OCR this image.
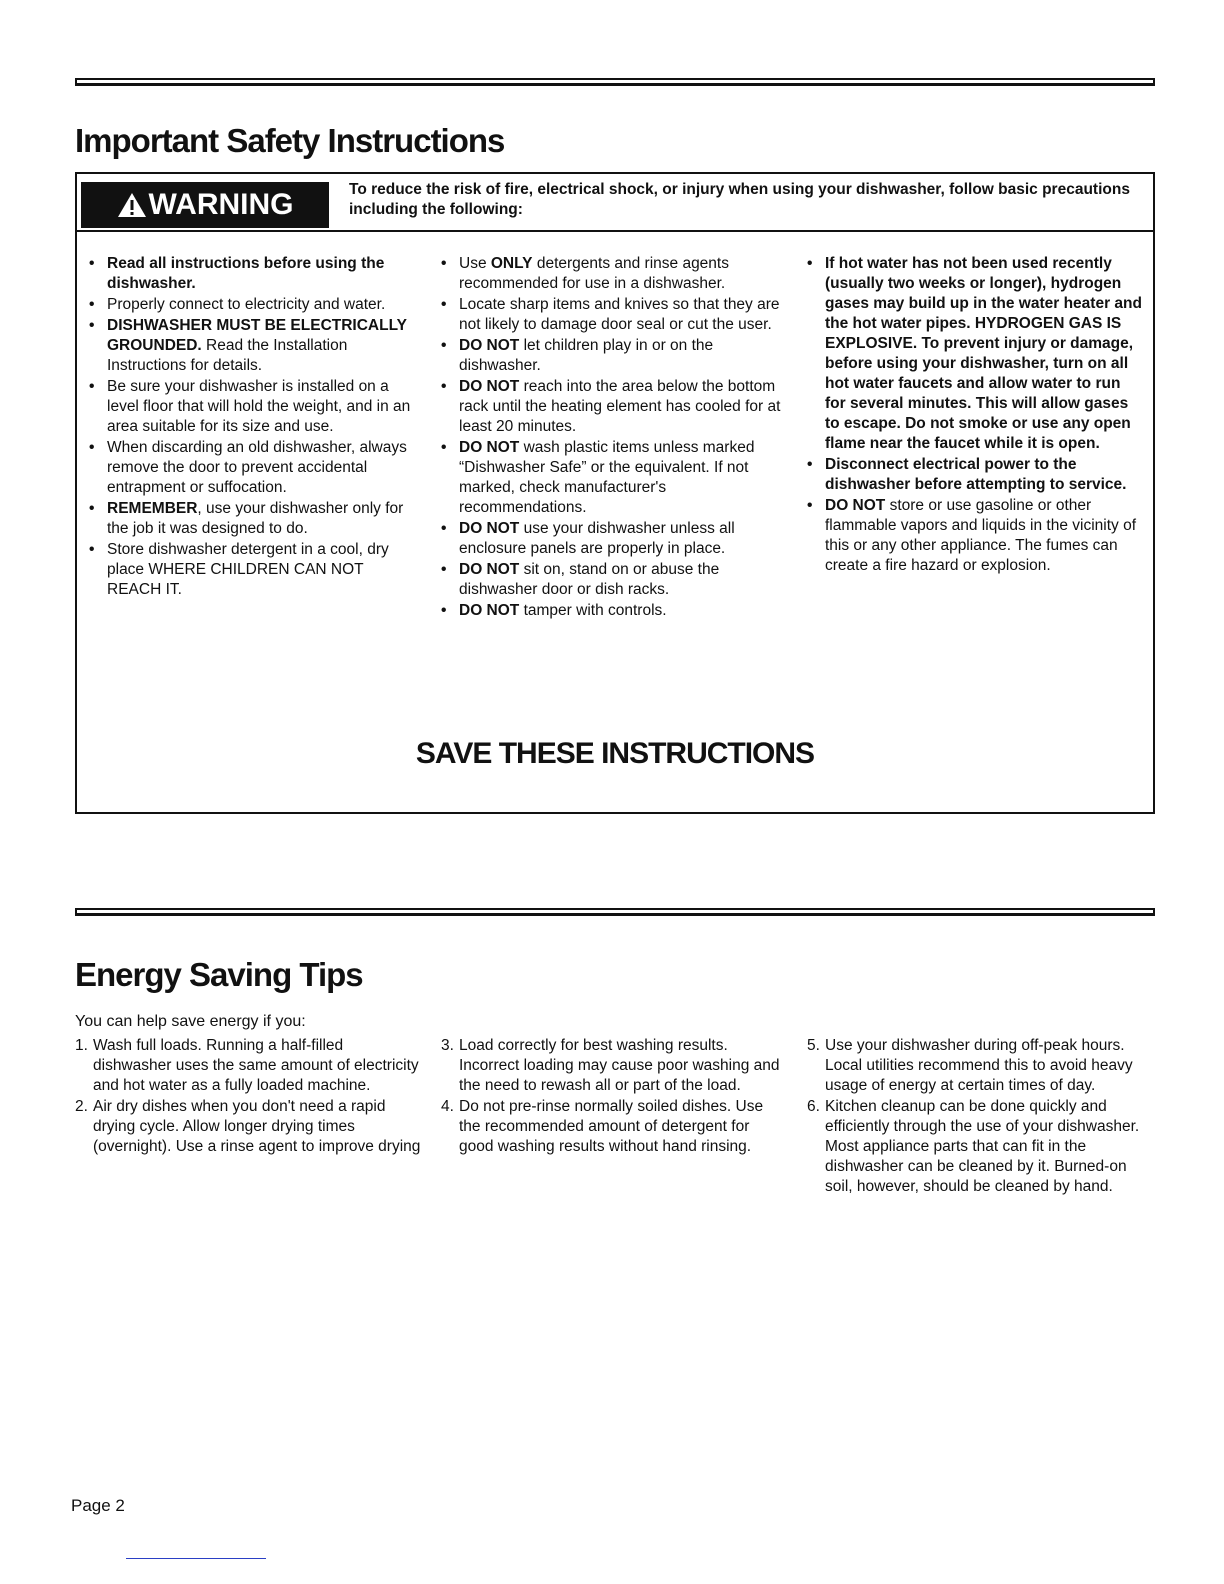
Important Safety Instructions
WARNING	To reduce the risk of fire, electrical shock, or injury when using your dishwasher, follow basic precautions including the following:
• Read all instructions before using the dishwasher.
• Properly connect to electricity and water.
• DISHWASHER MUST BE ELECTRICALLY GROUNDED. Read the Installation Instructions for details.
• Be sure your dishwasher is installed on a level floor that will hold the weight, and in an area suitable for its size and use.
• When discarding an old dishwasher, always remove the door to prevent accidental entrapment or suffocation.
• REMEMBER, use your dishwasher only for the job it was designed to do.
• Store dishwasher detergent in a cool, dry place WHERE CHILDREN CAN NOT REACH IT.
• Use ONLY detergents and rinse agents recommended for use in a dishwasher.
• Locate sharp items and knives so that they are not likely to damage door seal or cut the user.
• DO NOT let children play in or on the dishwasher.
• DO NOT reach into the area below the bottom rack until the heating element has cooled for at least 20 minutes.
• DO NOT wash plastic items unless marked “Dishwasher Safe” or the equivalent. If not marked, check manufacturer's recommendations.
• DO NOT use your dishwasher unless all enclosure panels are properly in place.
• DO NOT sit on, stand on or abuse the dishwasher door or dish racks.
• DO NOT tamper with controls.
• If hot water has not been used recently (usually two weeks or longer), hydrogen gases may build up in the water heater and the hot water pipes. HYDROGEN GAS IS EXPLOSIVE. To prevent injury or damage, before using your dishwasher, turn on all hot water faucets and allow water to run for several minutes. This will allow gases to escape. Do not smoke or use any open flame near the faucet while it is open.
• Disconnect electrical power to the dishwasher before attempting to service.
• DO NOT store or use gasoline or other flammable vapors and liquids in the vicinity of this or any other appliance. The fumes can create a fire hazard or explosion.
SAVE THESE INSTRUCTIONS
Energy Saving Tips
You can help save energy if you:
1. Wash full loads. Running a half-filled dishwasher uses the same amount of electricity and hot water as a fully loaded machine.
2. Air dry dishes when you don't need a rapid drying cycle. Allow longer drying times (overnight). Use a rinse agent to improve drying
3. Load correctly for best washing results. Incorrect loading may cause poor washing and the need to rewash all or part of the load.
4. Do not pre-rinse normally soiled dishes. Use the recommended amount of detergent for good washing results without hand rinsing.
5. Use your dishwasher during off-peak hours. Local utilities recommend this to avoid heavy usage of energy at certain times of day.
6. Kitchen cleanup can be done quickly and efficiently through the use of your dishwasher. Most appliance parts that can fit in the dishwasher can be cleaned by it. Burned-on soil, however, should be cleaned by hand.
Page 2
